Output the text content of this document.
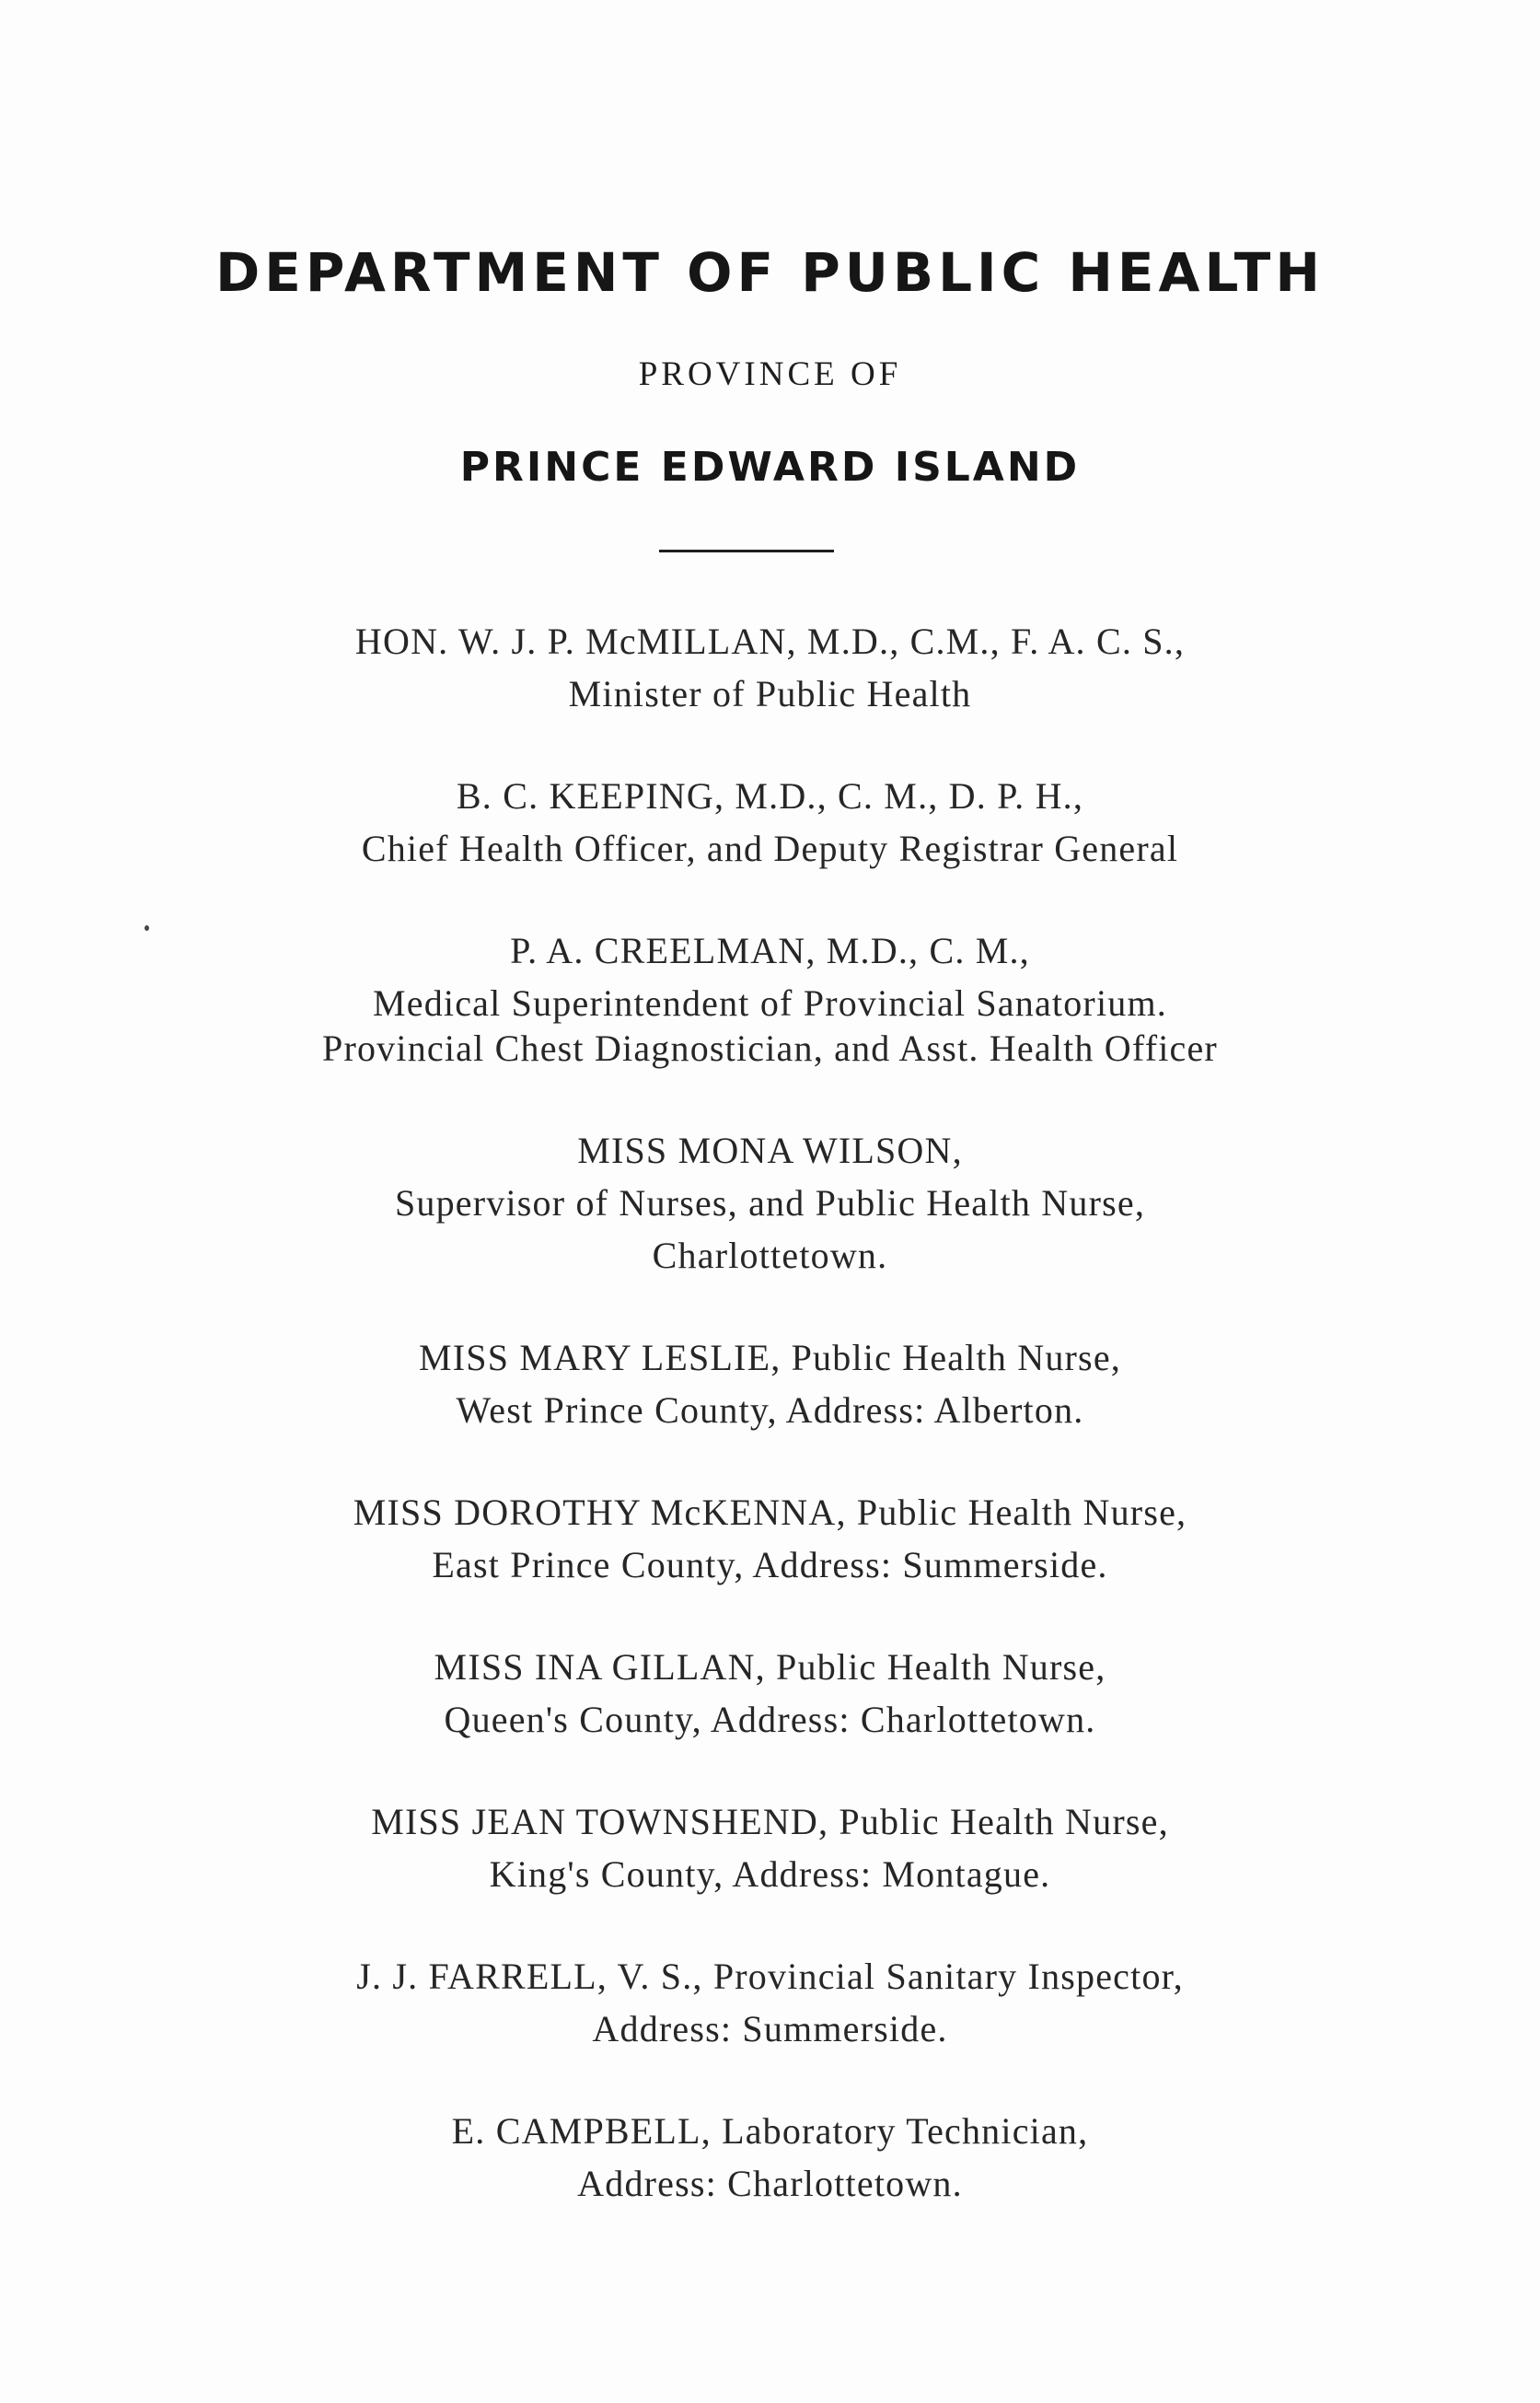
DEPARTMENT OF PUBLIC HEALTH
PROVINCE OF
PRINCE EDWARD ISLAND
HON. W. J. P. McMILLAN, M.D., C.M., F. A. C. S.,
Minister of Public Health
B. C. KEEPING, M.D., C. M., D. P. H.,
Chief Health Officer, and Deputy Registrar General
P. A. CREELMAN, M.D., C. M.,
Medical Superintendent of Provincial Sanatorium.
Provincial Chest Diagnostician, and Asst. Health Officer
MISS MONA WILSON,
Supervisor of Nurses, and Public Health Nurse,
Charlottetown.
MISS MARY LESLIE, Public Health Nurse,
West Prince County, Address: Alberton.
MISS DOROTHY McKENNA, Public Health Nurse,
East Prince County, Address: Summerside.
MISS INA GILLAN, Public Health Nurse,
Queen's County, Address: Charlottetown.
MISS JEAN TOWNSHEND, Public Health Nurse,
King's County, Address: Montague.
J. J. FARRELL, V. S., Provincial Sanitary Inspector,
Address: Summerside.
E. CAMPBELL, Laboratory Technician,
Address: Charlottetown.
